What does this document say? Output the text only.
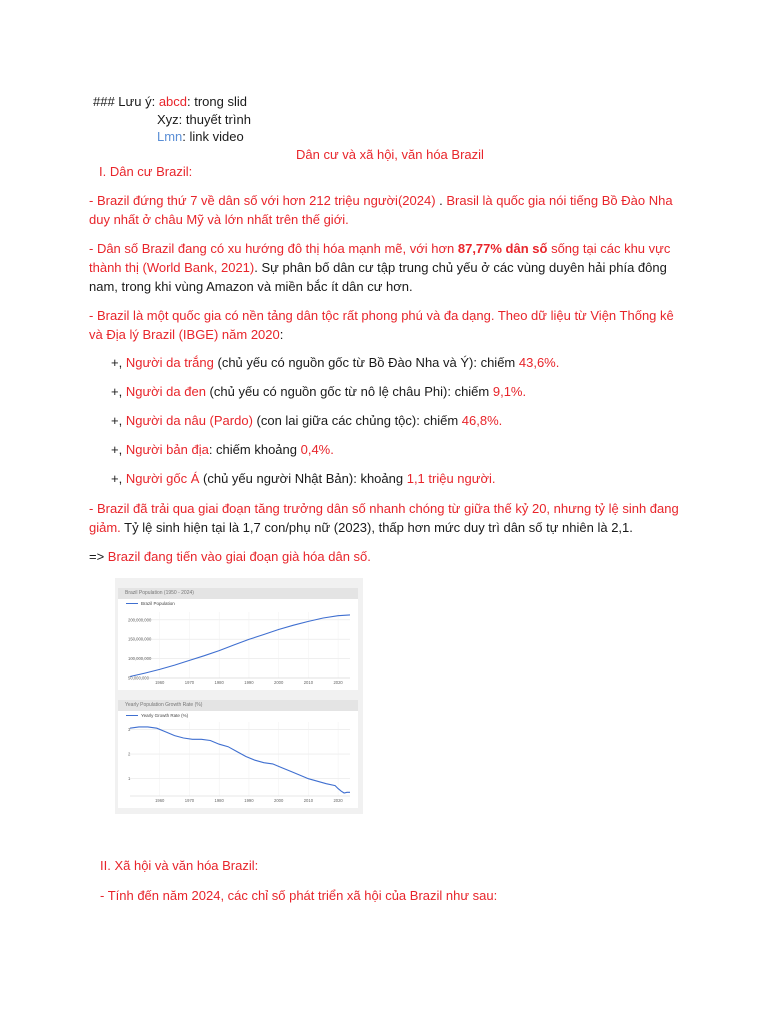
### Lưu ý: abcd: trong slid
Xyz: thuyết trình
Lmn: link video
Dân cư và xã hội, văn hóa Brazil
I. Dân cư Brazil:
- Brazil đứng thứ 7 về dân số với hơn 212 triệu người(2024) . Brasil là quốc gia nói tiếng Bồ Đào Nha duy nhất ở châu Mỹ và lớn nhất trên thế giới.
- Dân số Brazil đang có xu hướng đô thị hóa mạnh mẽ, với hơn 87,77% dân số sống tại các khu vực thành thị (World Bank, 2021). Sự phân bố dân cư tập trung chủ yếu ở các vùng duyên hải phía đông nam, trong khi vùng Amazon và miền bắc ít dân cư hơn.
- Brazil là một quốc gia có nền tảng dân tộc rất phong phú và đa dạng. Theo dữ liệu từ Viện Thống kê và Địa lý Brazil (IBGE) năm 2020:
+, Người da trắng (chủ yếu có nguồn gốc từ Bồ Đào Nha và Ý): chiếm 43,6%.
+, Người da đen (chủ yếu có nguồn gốc từ nô lệ châu Phi): chiếm 9,1%.
+, Người da nâu (Pardo) (con lai giữa các chủng tộc): chiếm 46,8%.
+, Người bản địa: chiếm khoảng 0,4%.
+, Người gốc Á (chủ yếu người Nhật Bản): khoảng 1,1 triệu người.
- Brazil đã trải qua giai đoạn tăng trưởng dân số nhanh chóng từ giữa thế kỷ 20, nhưng tỷ lệ sinh đang giảm. Tỷ lệ sinh hiện tại là 1,7 con/phụ nữ (2023), thấp hơn mức duy trì dân số tự nhiên là 2,1.
=> Brazil đang tiến vào giai đoạn già hóa dân số.
Brazil Population (1950 - 2024)
Brazil Population
50,000,000
100,000,000
150,000,000
200,000,000
1960	1970	1980	1990	2000	2010	2020
Yearly Population Growth Rate (%)
Yearly Growth Rate (%)
1
2
3
1960	1970	1980	1990	2000	2010	2020
II. Xã hội và văn hóa Brazil:
- Tính đến năm 2024, các chỉ số phát triển xã hội của Brazil như sau:
